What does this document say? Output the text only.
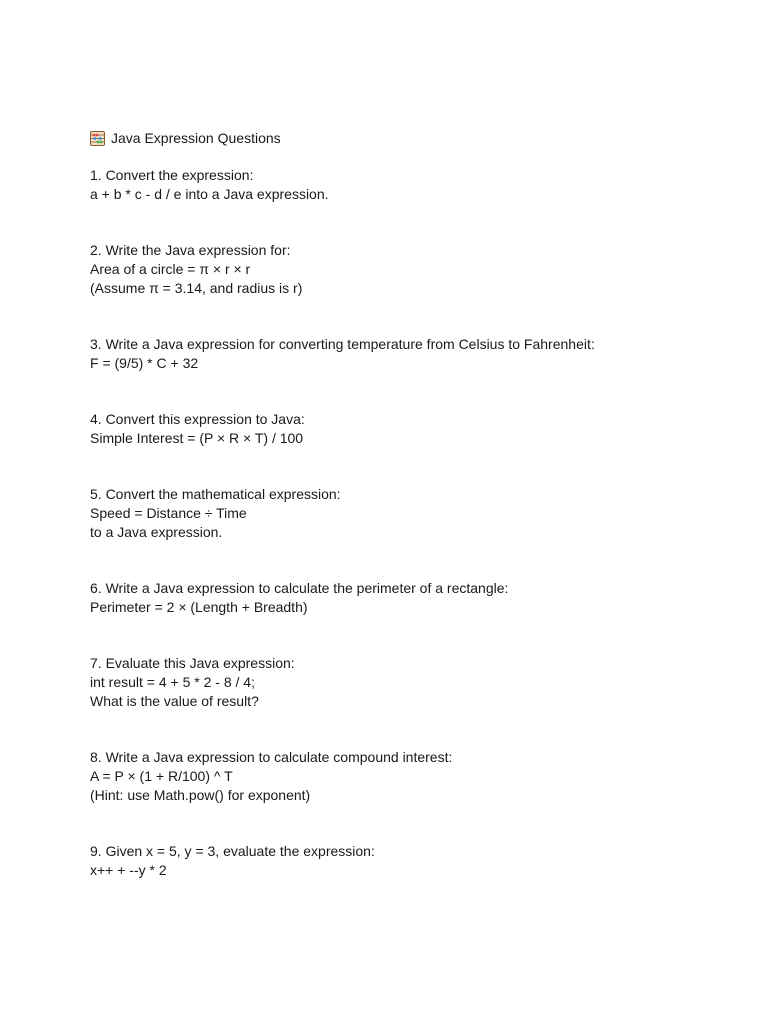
Java Expression Questions
1. Convert the expression:
a + b * c - d / e into a Java expression.
2. Write the Java expression for:
Area of a circle = π × r × r
(Assume π = 3.14, and radius is r)
3. Write a Java expression for converting temperature from Celsius to Fahrenheit:
F = (9/5) * C + 32
4. Convert this expression to Java:
Simple Interest = (P × R × T) / 100
5. Convert the mathematical expression:
Speed = Distance ÷ Time
to a Java expression.
6. Write a Java expression to calculate the perimeter of a rectangle:
Perimeter = 2 × (Length + Breadth)
7. Evaluate this Java expression:
int result = 4 + 5 * 2 - 8 / 4;
What is the value of result?
8. Write a Java expression to calculate compound interest:
A = P × (1 + R/100) ^ T
(Hint: use Math.pow() for exponent)
9. Given x = 5, y = 3, evaluate the expression:
x++ + --y * 2
